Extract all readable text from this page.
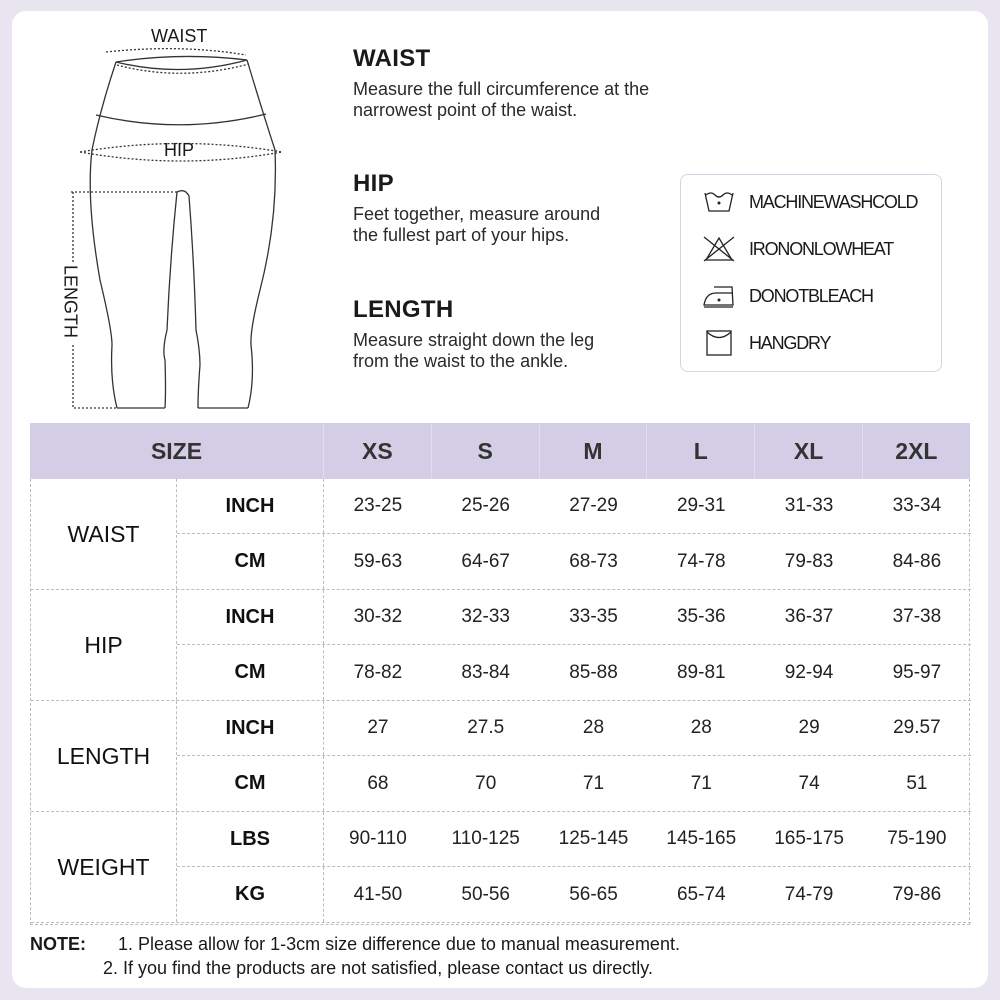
WAIST
HIP
LENGTH
WAIST

Measure the full circumference at the
narrowest point of the waist.

HIP

Feet together, measure around
the fullest part of your hips.

LENGTH

Measure straight down the leg
from the waist to the ankle.

MACHINEWASHCOLD
IRONONLOWHEAT
DONOTBLEACH
HANGDRY
SIZE	XS	S	M	L	XL	2XL
WAIST
INCH	23-25	25-26	27-29	29-31	31-33	33-34
CM	59-63	64-67	68-73	74-78	79-83	84-86
HIP
INCH	30-32	32-33	33-35	35-36	36-37	37-38
CM	78-82	83-84	85-88	89-81	92-94	95-97
LENGTH
INCH	27	27.5	28	28	29	29.57
CM	68	70	71	71	74	51
WEIGHT
LBS	90-110	110-125	125-145	145-165	165-175	75-190
KG	41-50	50-56	56-65	65-74	74-79	79-86
NOTE: 1. Please allow for 1-3cm size difference due to manual measurement.
2. If you find the products are not satisfied, please contact us directly.
